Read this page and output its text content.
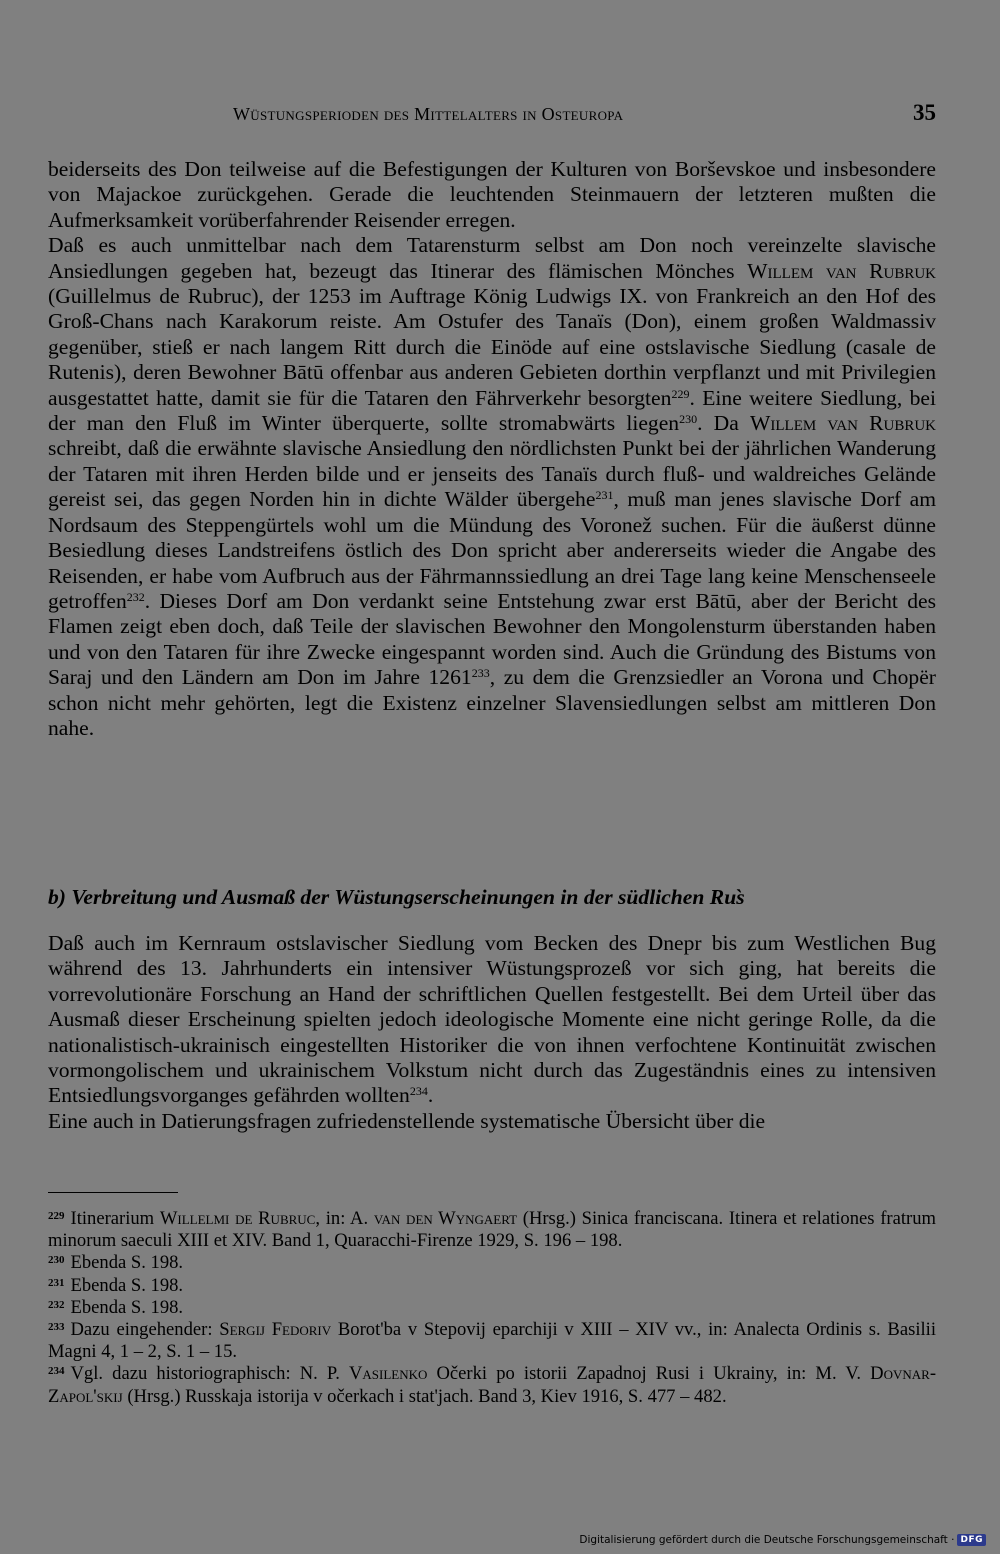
Wüstungsperioden des Mittelalters in Osteuropa	35

beiderseits des Don teilweise auf die Befestigungen der Kulturen von Borševskoe und insbesondere von Majackoe zurückgehen. Gerade die leuchtenden Steinmauern der letzteren mußten die Aufmerksamkeit vorüberfahrender Reisender erregen.

Daß es auch unmittelbar nach dem Tatarensturm selbst am Don noch vereinzelte slavische Ansiedlungen gegeben hat, bezeugt das Itinerar des flämischen Mönches Willem van Rubruk (Guillelmus de Rubruc), der 1253 im Auftrage König Ludwigs IX. von Frankreich an den Hof des Groß-Chans nach Karakorum reiste. Am Ostufer des Tanaïs (Don), einem großen Waldmassiv gegenüber, stieß er nach langem Ritt durch die Einöde auf eine ostslavische Siedlung (casale de Rutenis), deren Bewohner Bātū offenbar aus anderen Gebieten dorthin verpflanzt und mit Privilegien ausgestattet hatte, damit sie für die Tataren den Fährverkehr besorgten$^{229}$. Eine weitere Siedlung, bei der man den Fluß im Winter überquerte, sollte stromabwärts liegen$^{230}$. Da Willem van Rubruk schreibt, daß die erwähnte slavische Ansiedlung den nördlichsten Punkt bei der jährlichen Wanderung der Tataren mit ihren Herden bilde und er jenseits des Tanaïs durch fluß- und waldreiches Gelände gereist sei, das gegen Norden hin in dichte Wälder übergehe$^{231}$, muß man jenes slavische Dorf am Nordsaum des Steppengürtels wohl um die Mündung des Voronež suchen. Für die äußerst dünne Besiedlung dieses Landstreifens östlich des Don spricht aber andererseits wieder die Angabe des Reisenden, er habe vom Aufbruch aus der Fährmannssiedlung an drei Tage lang keine Menschenseele getroffen$^{232}$. Dieses Dorf am Don verdankt seine Entstehung zwar erst Bātū, aber der Bericht des Flamen zeigt eben doch, daß Teile der slavischen Bewohner den Mongolensturm überstanden haben und von den Tataren für ihre Zwecke eingespannt worden sind. Auch die Gründung des Bistums von Saraj und den Ländern am Don im Jahre 1261$^{233}$, zu dem die Grenzsiedler an Vorona und Chopër schon nicht mehr gehörten, legt die Existenz einzelner Slavensiedlungen selbst am mittleren Don nahe.

b) Verbreitung und Ausmaß der Wüstungserscheinungen in der südlichen Rus̀

Daß auch im Kernraum ostslavischer Siedlung vom Becken des Dnepr bis zum Westlichen Bug während des 13. Jahrhunderts ein intensiver Wüstungsprozeß vor sich ging, hat bereits die vorrevolutionäre Forschung an Hand der schriftlichen Quellen festgestellt. Bei dem Urteil über das Ausmaß dieser Erscheinung spielten jedoch ideologische Momente eine nicht geringe Rolle, da die nationalistisch-ukrainisch eingestellten Historiker die von ihnen verfochtene Kontinuität zwischen vormongolischem und ukrainischem Volkstum nicht durch das Zugeständnis eines zu intensiven Entsiedlungsvorganges gefährden wollten$^{234}$.

Eine auch in Datierungsfragen zufriedenstellende systematische Übersicht über die

$^{229}$ Itinerarium Willelmi de Rubruc, in: A. van den Wyngaert (Hrsg.) Sinica franciscana. Itinera et relationes fratrum minorum saeculi XIII et XIV. Band 1, Quaracchi-Firenze 1929, S. 196 – 198.

$^{230}$ Ebenda S. 198.

$^{231}$ Ebenda S. 198.

$^{232}$ Ebenda S. 198.

$^{233}$ Dazu eingehender: Sergij Fedoriv Borot'ba v Stepovij eparchiji v XIII – XIV vv., in: Analecta Ordinis s. Basilii Magni 4, 1 – 2, S. 1 – 15.

$^{234}$ Vgl. dazu historiographisch: N. P. Vasilenko Očerki po istorii Zapadnoj Rusi i Ukrainy, in: M. V. Dovnar-Zapol'skij (Hrsg.) Russkaja istorija v očerkach i stat'jach. Band 3, Kiev 1916, S. 477 – 482.

Digitalisierung gefördert durch die Deutsche Forschungsgemeinschaft · DFG
